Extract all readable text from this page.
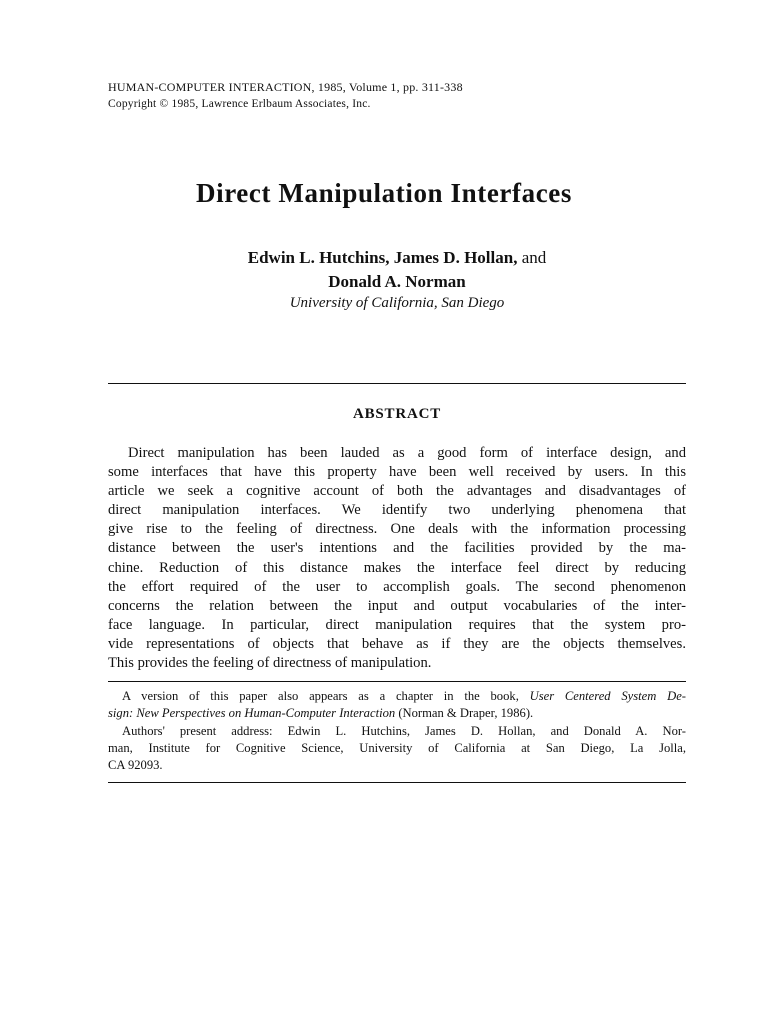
HUMAN-COMPUTER INTERACTION, 1985, Volume 1, pp. 311-338
Copyright © 1985, Lawrence Erlbaum Associates, Inc.
Direct Manipulation Interfaces
Edwin L. Hutchins, James D. Hollan, and
Donald A. Norman
University of California, San Diego
ABSTRACT
Direct manipulation has been lauded as a good form of interface design, and
some interfaces that have this property have been well received by users. In this
article we seek a cognitive account of both the advantages and disadvantages of
direct manipulation interfaces. We identify two underlying phenomena that
give rise to the feeling of directness. One deals with the information processing
distance between the user's intentions and the facilities provided by the ma-
chine. Reduction of this distance makes the interface feel direct by reducing
the effort required of the user to accomplish goals. The second phenomenon
concerns the relation between the input and output vocabularies of the inter-
face language. In particular, direct manipulation requires that the system pro-
vide representations of objects that behave as if they are the objects themselves.
This provides the feeling of directness of manipulation.
A version of this paper also appears as a chapter in the book, User Centered System De-
sign: New Perspectives on Human-Computer Interaction (Norman & Draper, 1986).
Authors' present address: Edwin L. Hutchins, James D. Hollan, and Donald A. Nor-
man, Institute for Cognitive Science, University of California at San Diego, La Jolla,
CA 92093.
